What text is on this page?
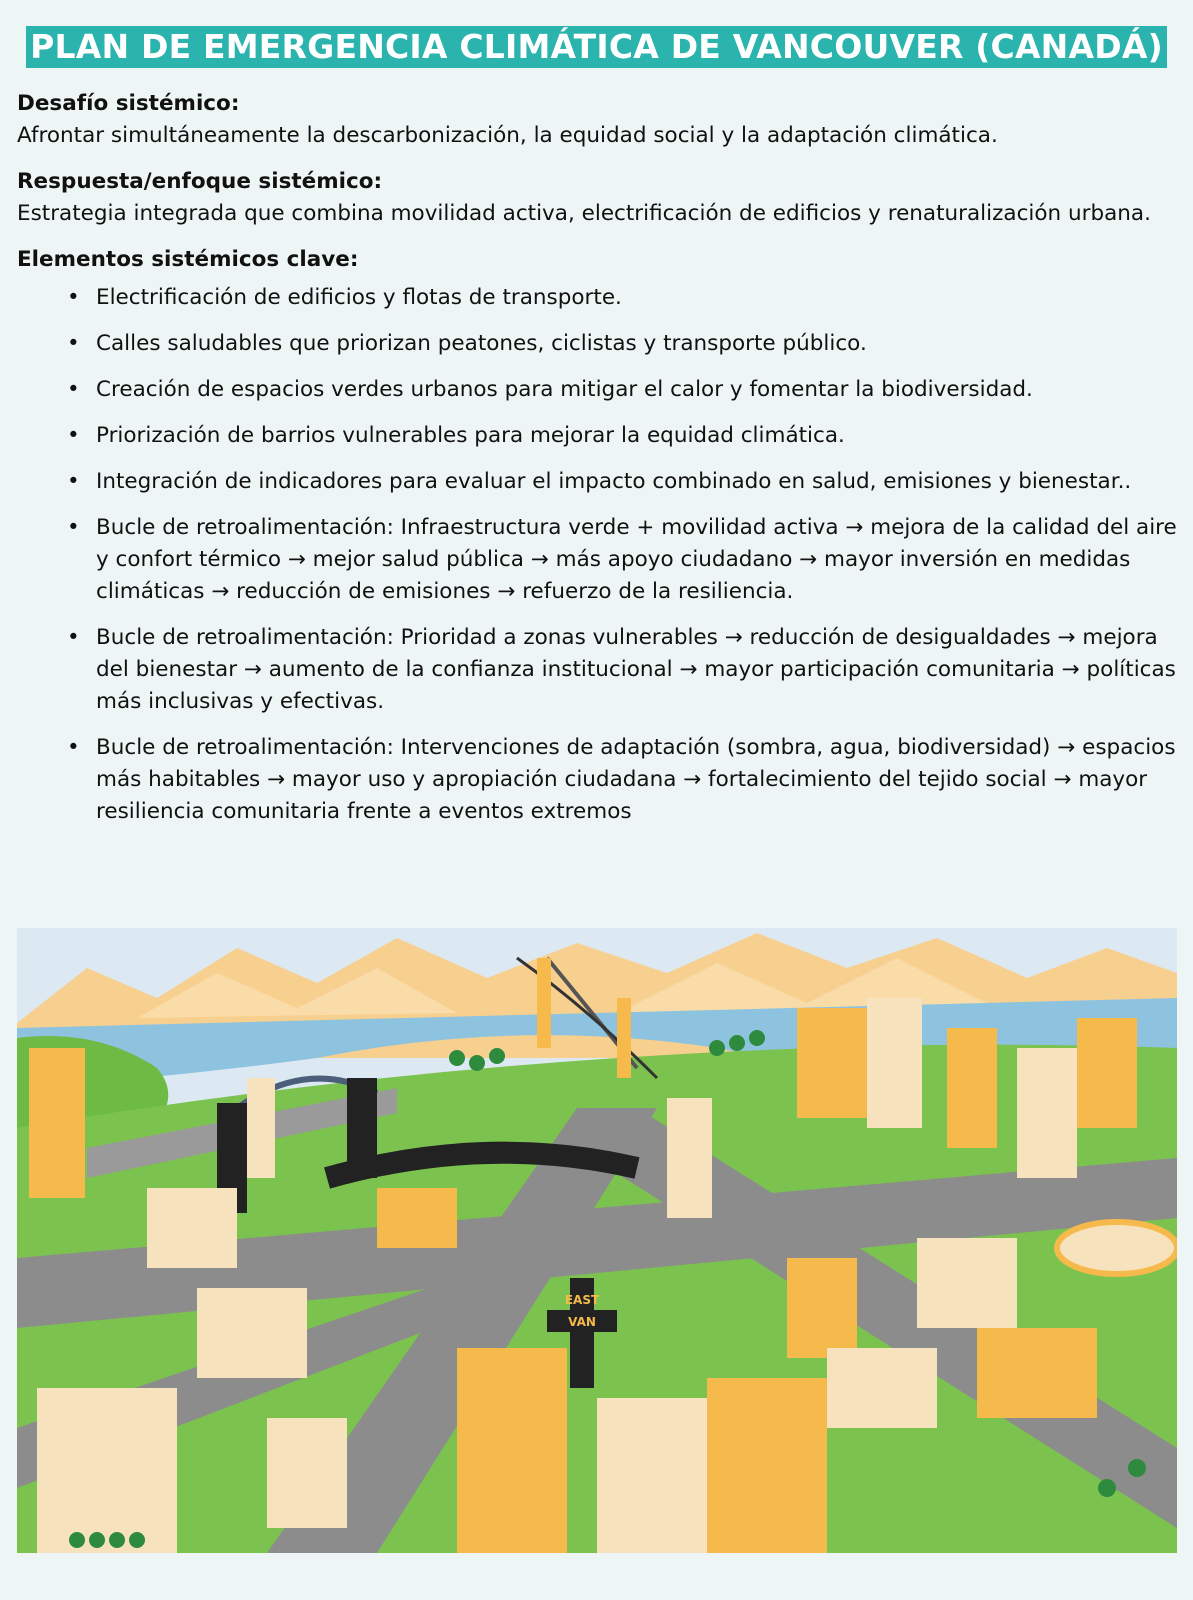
PLAN DE EMERGENCIA CLIMÁTICA DE VANCOUVER (CANADÁ)

Desafío sistémico:

Afrontar simultáneamente la descarbonización, la equidad social y la adaptación climática.

Respuesta/enfoque sistémico:

Estrategia integrada que combina movilidad activa, electrificación de edificios y renaturalización urbana.

Elementos sistémicos clave:

• Electrificación de edificios y flotas de transporte.
• Calles saludables que priorizan peatones, ciclistas y transporte público.
• Creación de espacios verdes urbanos para mitigar el calor y fomentar la biodiversidad.
• Priorización de barrios vulnerables para mejorar la equidad climática.
• Integración de indicadores para evaluar el impacto combinado en salud, emisiones y bienestar..
• Bucle de retroalimentación: Infraestructura verde + movilidad activa → mejora de la calidad del aire y confort térmico → mejor salud pública → más apoyo ciudadano → mayor inversión en medidas climáticas → reducción de emisiones → refuerzo de la resiliencia.
• Bucle de retroalimentación: Prioridad a zonas vulnerables → reducción de desigualdades → mejora del bienestar → aumento de la confianza institucional → mayor participación comunitaria → políticas más inclusivas y efectivas.
• Bucle de retroalimentación: Intervenciones de adaptación (sombra, agua, biodiversidad) → espacios más habitables → mayor uso y apropiación ciudadana → fortalecimiento del tejido social → mayor resiliencia comunitaria frente a eventos extremos
EAST
VAN
